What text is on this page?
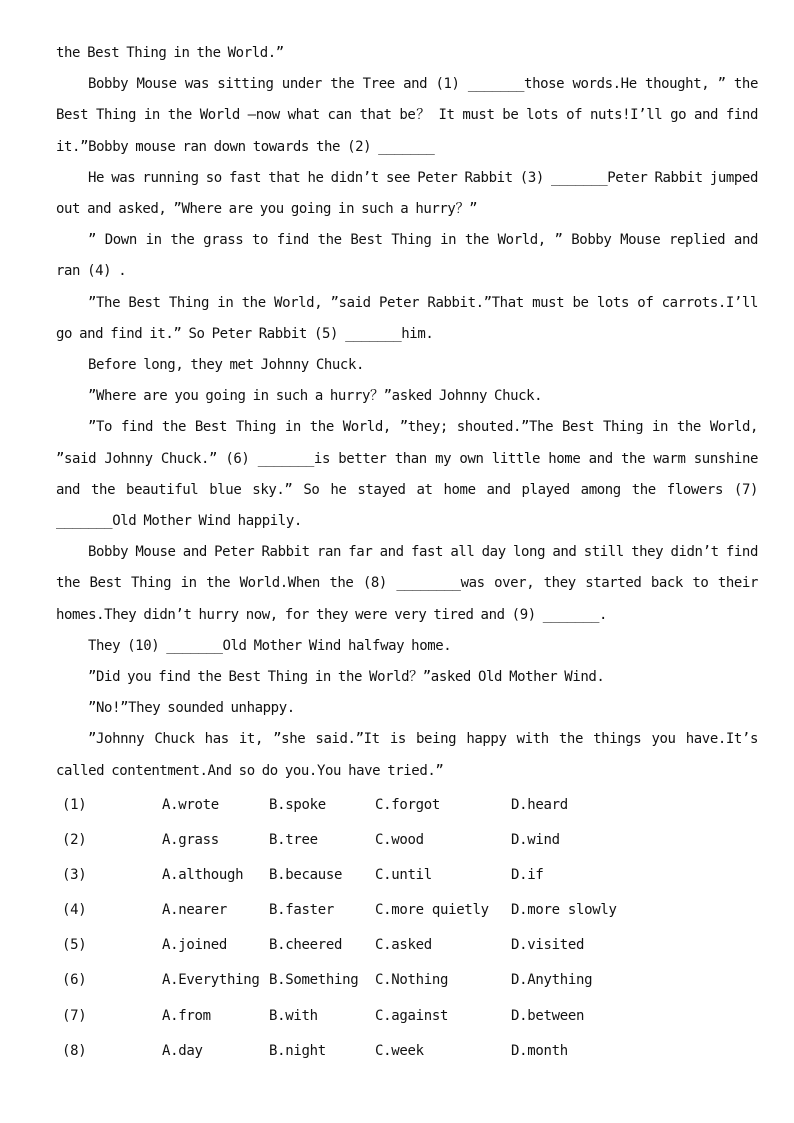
the Best Thing in the World.”

Bobby Mouse was sitting under the Tree and (1) _______those words.He thought, ” the Best Thing in the World —now what can that be？ It must be lots of nuts!I’ll go and find it.”Bobby mouse ran down towards the (2) _______

He was running so fast that he didn’t see Peter Rabbit (3) _______Peter Rabbit jumped out and asked, ”Where are you going in such a hurry？”

” Down in the grass to find the Best Thing in the World, ” Bobby Mouse replied and ran (4) .

”The Best Thing in the World, ”said Peter Rabbit.”That must be lots of carrots.I’ll go and find it.” So Peter Rabbit (5) _______him.

Before long, they met Johnny Chuck.

”Where are you going in such a hurry？”asked Johnny Chuck.

”To find the Best Thing in the World, ”they; shouted.”The Best Thing in the World, ”said Johnny Chuck.” (6) _______is better than my own little home and the warm sunshine and the beautiful blue sky.” So he stayed at home and played among the flowers (7) _______Old Mother Wind happily.

Bobby Mouse and Peter Rabbit ran far and fast all day long and still they didn’t find the Best Thing in the World.When the (8) ________was over, they started back to their homes.They didn’t hurry now, for they were very tired and (9) _______.

They (10) _______Old Mother Wind halfway home.

”Did you find the Best Thing in the World？”asked Old Mother Wind.

”No!”They sounded unhappy.

”Johnny Chuck has it, ”she said.”It is being happy with the things you have.It’s called contentment.And so do you.You have tried.”

(1)	A.wrote	B.spoke	C.forgot	D.heard
(2)	A.grass	B.tree	C.wood	D.wind
(3)	A.although B.because C.until	D.if
(4)	A.nearer	B.faster	C.more quietly D.more slowly
(5)	A.joined	B.cheered C.asked	D.visited
(6)	A.Everything B.Something C.Nothing	D.Anything
(7)	A.from	B.with	C.against	D.between
(8)	A.day	B.night	C.week	D.month
